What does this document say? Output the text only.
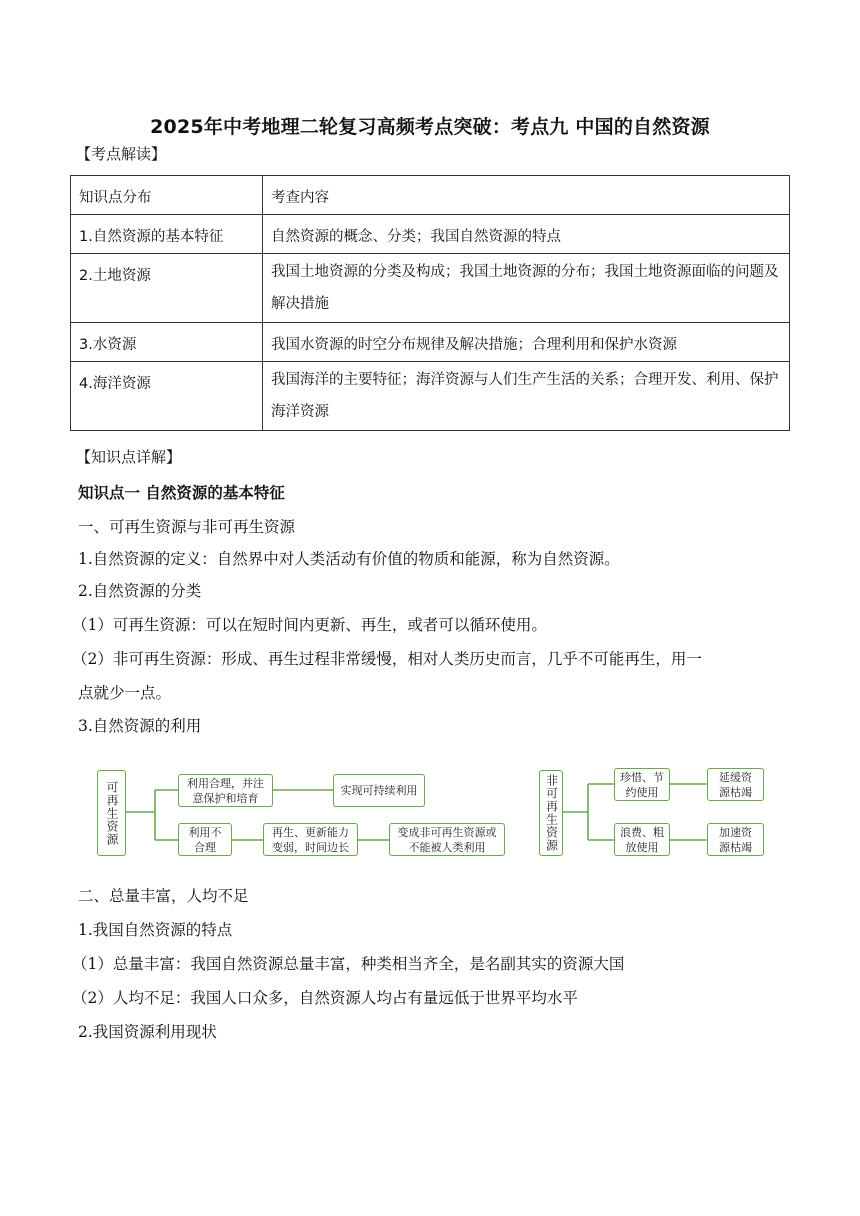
2025年中考地理二轮复习高频考点突破：考点九 中国的自然资源
【考点解读】
知识点分布	考查内容
1.自然资源的基本特征	自然资源的概念、分类；我国自然资源的特点
2.土地资源	我国土地资源的分类及构成；我国土地资源的分布；我国土地资源面临的问题及解决措施
3.水资源	我国水资源的时空分布规律及解决措施；合理利用和保护水资源
4.海洋资源	我国海洋的主要特征；海洋资源与人们生产生活的关系；合理开发、利用、保护海洋资源
【知识点详解】
知识点一 自然资源的基本特征
一、可再生资源与非可再生资源
1.自然资源的定义：自然界中对人类活动有价值的物质和能源，称为自然资源。
2.自然资源的分类
（1）可再生资源：可以在短时间内更新、再生，或者可以循环使用。
（2）非可再生资源：形成、再生过程非常缓慢，相对人类历史而言，几乎不可能再生，用一
点就少一点。
3.自然资源的利用
可再生资源	利用合理，并注意保护和培育
实现可持续利用
利用不合理
再生、更新能力变弱，时间边长
变成非可再生资源或不能被人类利用	非可再生资源	珍惜、节约使用
延缓资源枯竭
浪费、粗放使用
加速资源枯竭
二、总量丰富，人均不足
1.我国自然资源的特点
（1）总量丰富：我国自然资源总量丰富，种类相当齐全，是名副其实的资源大国
（2）人均不足：我国人口众多，自然资源人均占有量远低于世界平均水平
2.我国资源利用现状
